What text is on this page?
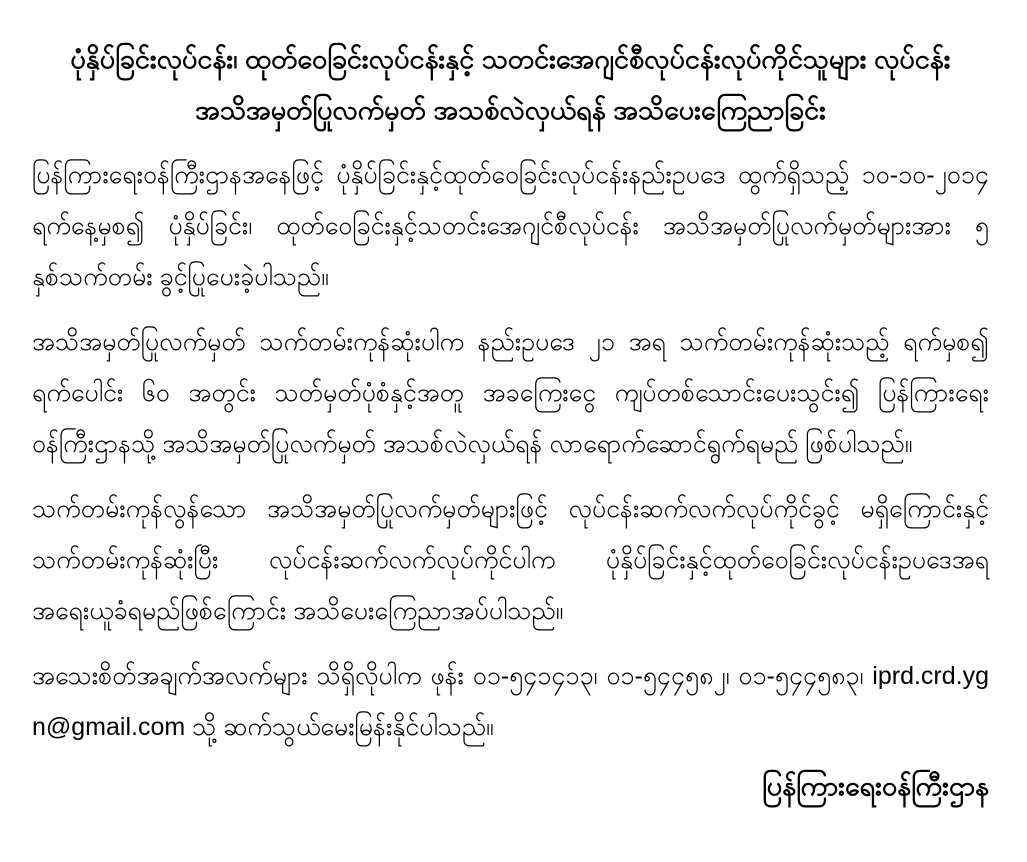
ပုံနှိပ်ခြင်းလုပ်ငန်း၊ ထုတ်ဝေခြင်းလုပ်ငန်းနှင့် သတင်းအေဂျင်စီလုပ်ငန်းလုပ်ကိုင်သူများ လုပ်ငန်း အသိအမှတ်ပြုလက်မှတ် အသစ်လဲလှယ်ရန် အသိပေးကြေညာခြင်း

ပြန်ကြားရေးဝန်ကြီးဌာနအနေဖြင့် ပုံနှိပ်ခြင်းနှင့်ထုတ်ဝေခြင်းလုပ်ငန်းနည်းဥပဒေ ထွက်ရှိသည့် ၁၀-၁၀-၂၀၁၄ ရက်နေ့မှစ၍ ပုံနှိပ်ခြင်း၊ ထုတ်ဝေခြင်းနှင့်သတင်းအေဂျင်စီလုပ်ငန်း အသိအမှတ်ပြုလက်မှတ်များအား ၅ နှစ်သက်တမ်း ခွင့်ပြုပေးခဲ့ပါသည်။

အသိအမှတ်ပြုလက်မှတ် သက်တမ်းကုန်ဆုံးပါက နည်းဥပဒေ ၂၁ အရ သက်တမ်းကုန်ဆုံးသည့် ရက်မှစ၍ ရက်ပေါင်း ၆၀ အတွင်း သတ်မှတ်ပုံစံနှင့်အတူ အခကြေးငွေ ကျပ်တစ်သောင်းပေးသွင်း၍ ပြန်ကြားရေးဝန်ကြီးဌာနသို့ အသိအမှတ်ပြုလက်မှတ် အသစ်လဲလှယ်ရန် လာရောက်ဆောင်ရွက်ရမည် ဖြစ်ပါသည်။

သက်တမ်းကုန်လွန်သော အသိအမှတ်ပြုလက်မှတ်များဖြင့် လုပ်ငန်းဆက်လက်လုပ်ကိုင်ခွင့် မရှိကြောင်းနှင့် သက်တမ်းကုန်ဆုံးပြီး လုပ်ငန်းဆက်လက်လုပ်ကိုင်ပါက ပုံနှိပ်ခြင်းနှင့်ထုတ်ဝေခြင်းလုပ်ငန်းဥပဒေအရ အရေးယူခံရမည်ဖြစ်ကြောင်း အသိပေးကြေညာအပ်ပါသည်။

အသေးစိတ်အချက်အလက်များ သိရှိလိုပါက ဖုန်း ၀၁-၅၄၁၄၁၃၊ ၀၁-၅၄၄၅၈၂၊ ၀၁-၅၄၄၅၈၃၊ iprd.crd.ygn@gmail.com သို့ ဆက်သွယ်မေးမြန်းနိုင်ပါသည်။

ပြန်ကြားရေးဝန်ကြီးဌာန
